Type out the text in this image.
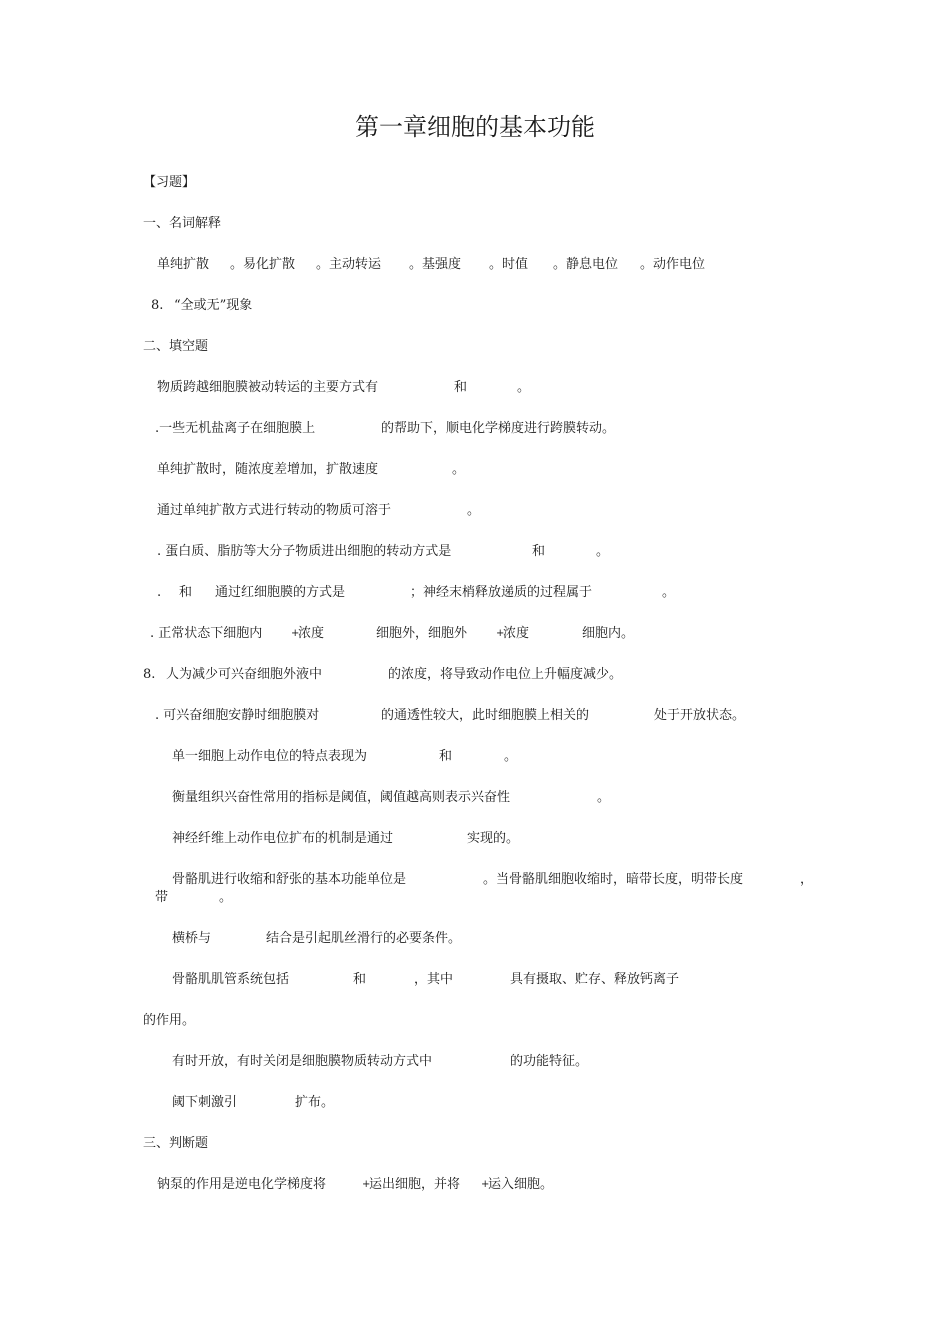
第一章细胞的基本功能
【习题】
一、名词解释
单纯扩散 。易化扩散 。主动转运 。基强度 。时值 。静息电位 。动作电位
8. “全或无”现象
二、填空题
物质跨越细胞膜被动转运的主要方式有	和	。
.一些无机盐离子在细胞膜上	的帮助下，顺电化学梯度进行跨膜转动。
单纯扩散时，随浓度差增加，扩散速度	。
通过单纯扩散方式进行转动的物质可溶于	。
. 蛋白质、脂肪等大分子物质进出细胞的转动方式是	和	。
. 和 通过红细胞膜的方式是	；神经末梢释放递质的过程属于	。
. 正常状态下细胞内	+
浓度	细胞外，细胞外	+
浓度	细胞内。
8. 人为减少可兴奋细胞外液中	的浓度，将导致动作电位上升幅度减少。
. 可兴奋细胞安静时细胞膜对	的通透性较大，此时细胞膜上相关的	处于开放状态。
单一细胞上动作电位的特点表现为	和	。
衡量组织兴奋性常用的指标是阈值，阈值越高则表示兴奋性	。
神经纤维上动作电位扩布的机制是通过	实现的。
骨骼肌进行收缩和舒张的基本功能单位是	。当骨骼肌细胞收缩时，暗带长度，明带长度	，
带	。
横桥与	结合是引起肌丝滑行的必要条件。
骨骼肌肌管系统包括	和	，其中	具有摄取、贮存、释放钙离子
的作用。
有时开放，有时关闭是细胞膜物质转动方式中	的功能特征。
阈下刺激引	扩布。
三、判断题
钠泵的作用是逆电化学梯度将	+
运出细胞，并将 +
运入细胞。
